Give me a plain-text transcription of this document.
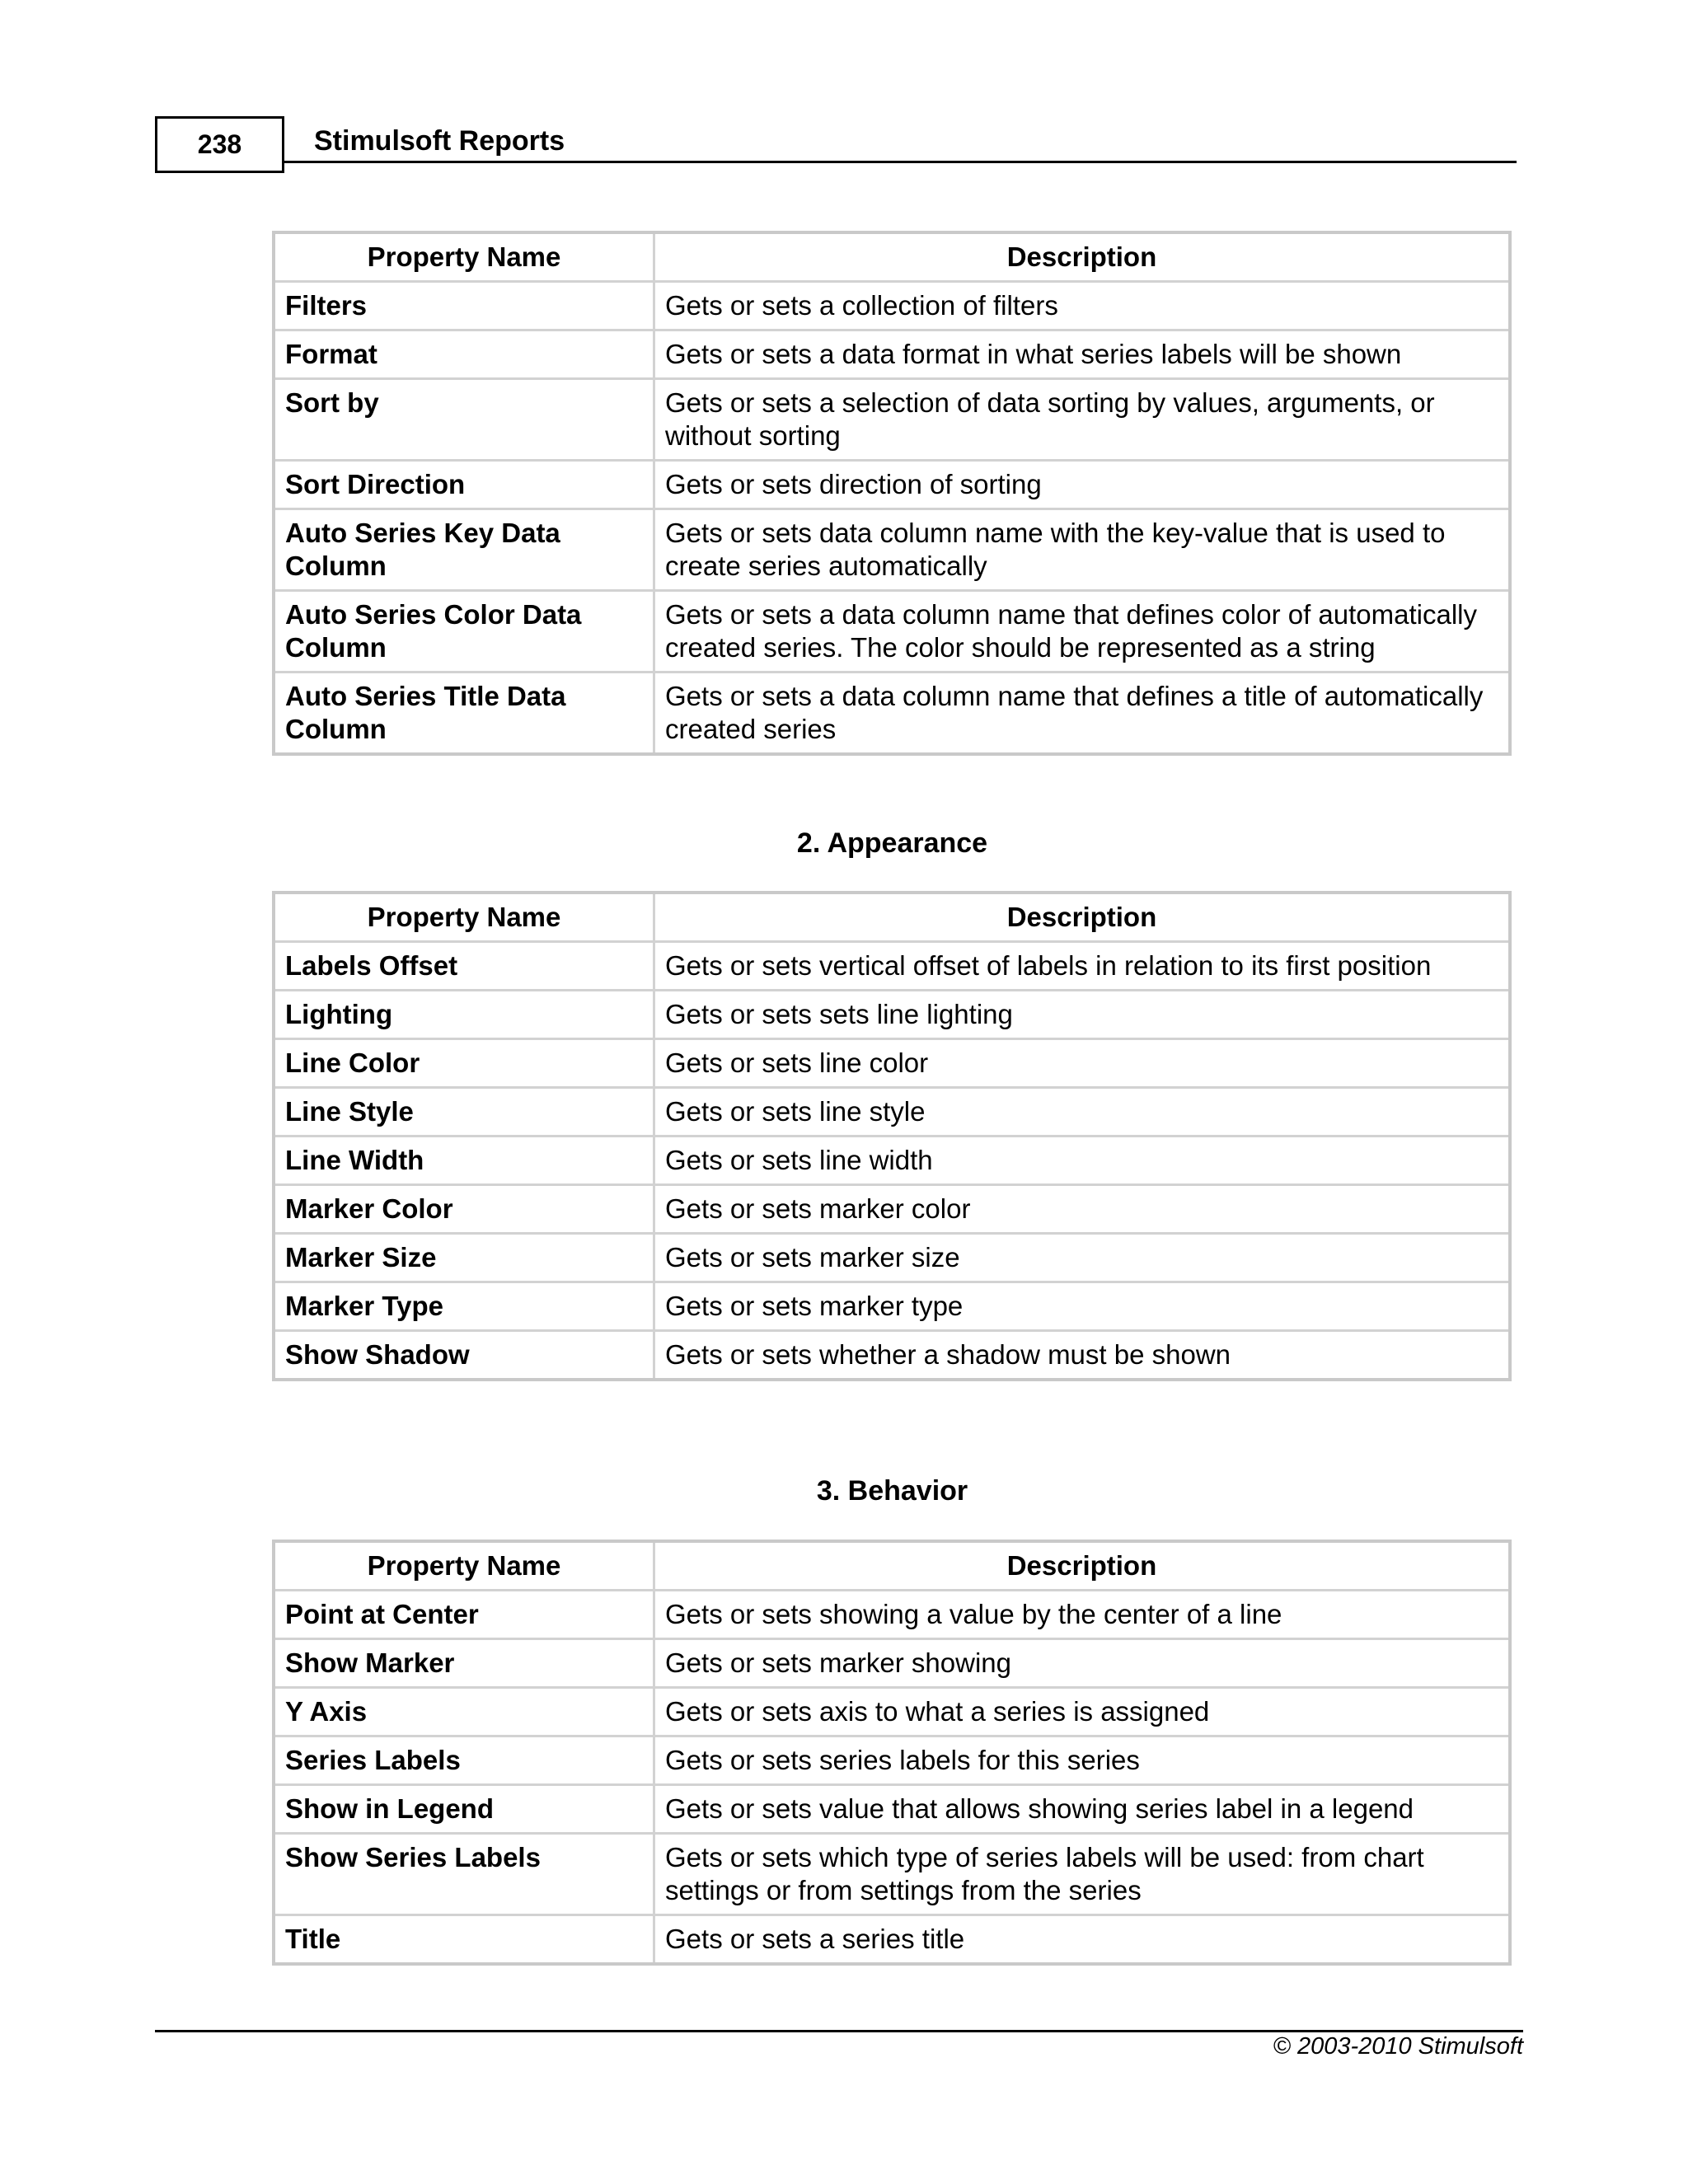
238	Stimulsoft Reports
Property Name	Description
Filters	Gets or sets a collection of filters
Format	Gets or sets a data format in what series labels will be shown
Sort by	Gets or sets a selection of data sorting by values, arguments, or without sorting
Sort Direction	Gets or sets direction of sorting
Auto Series Key Data Column	Gets or sets data column name with the key-value that is used to create series automatically
Auto Series Color Data Column	Gets or sets a data column name that defines color of automatically created series. The color should be represented as a string
Auto Series Title Data Column	Gets or sets a data column name that defines a title of automatically created series
2. Appearance
Property Name	Description
Labels Offset	Gets or sets vertical offset of labels in relation to its first position
Lighting	Gets or sets sets line lighting
Line Color	Gets or sets line color
Line Style	Gets or sets line style
Line Width	Gets or sets line width
Marker Color	Gets or sets marker color
Marker Size	Gets or sets marker size
Marker Type	Gets or sets marker type
Show Shadow	Gets or sets whether a shadow must be shown
3. Behavior
Property Name	Description
Point at Center	Gets or sets showing a value by the center of a line
Show Marker	Gets or sets marker showing
Y Axis	Gets or sets axis to what a series is assigned
Series Labels	Gets or sets series labels for this series
Show in Legend	Gets or sets value that allows showing series label in a legend
Show Series Labels	Gets or sets which type of series labels will be used: from chart settings or from settings from the series
Title	Gets or sets a series title
© 2003-2010 Stimulsoft
